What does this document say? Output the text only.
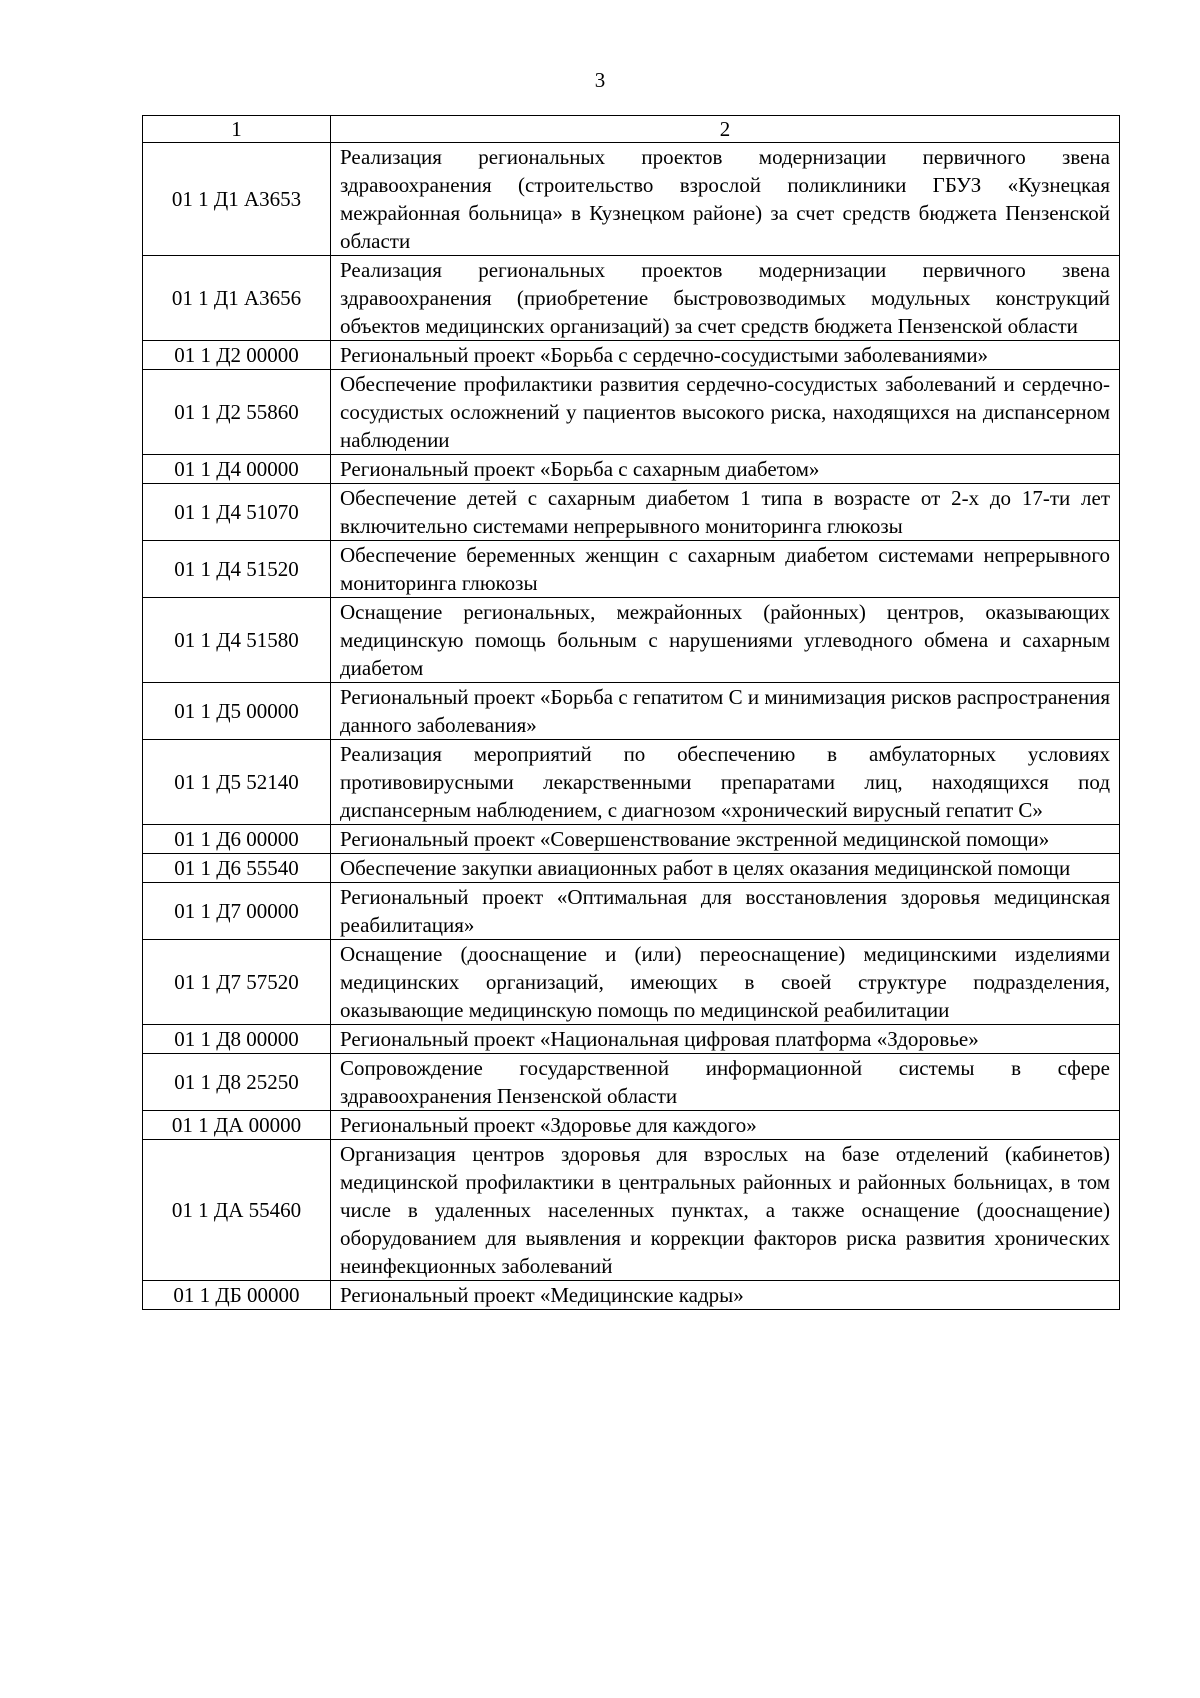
3
1	2
01 1 Д1 А3653	Реализация региональных проектов модернизации первичного звена здравоохранения (строительство взрослой поликлиники ГБУЗ «Кузнецкая межрайонная больница» в Кузнецком районе) за счет средств бюджета Пензенской области
01 1 Д1 А3656	Реализация региональных проектов модернизации первичного звена здравоохранения (приобретение быстровозводимых модульных конструкций объектов медицинских организаций) за счет средств бюджета Пензенской области
01 1 Д2 00000	Региональный проект «Борьба с сердечно-сосудистыми заболеваниями»
01 1 Д2 55860	Обеспечение профилактики развития сердечно-сосудистых заболеваний и сердечно-сосудистых осложнений у пациентов высокого риска, находящихся на диспансерном наблюдении
01 1 Д4 00000	Региональный проект «Борьба с сахарным диабетом»
01 1 Д4 51070	Обеспечение детей с сахарным диабетом 1 типа в возрасте от 2-х до 17-ти лет включительно системами непрерывного мониторинга глюкозы
01 1 Д4 51520	Обеспечение беременных женщин с сахарным диабетом системами непрерывного мониторинга глюкозы
01 1 Д4 51580	Оснащение региональных, межрайонных (районных) центров, оказывающих медицинскую помощь больным с нарушениями углеводного обмена и сахарным диабетом
01 1 Д5 00000	Региональный проект «Борьба с гепатитом С и минимизация рисков распространения данного заболевания»
01 1 Д5 52140	Реализация мероприятий по обеспечению в амбулаторных условиях противовирусными лекарственными препаратами лиц, находящихся под диспансерным наблюдением, с диагнозом «хронический вирусный гепатит С»
01 1 Д6 00000	Региональный проект «Совершенствование экстренной медицинской помощи»
01 1 Д6 55540	Обеспечение закупки авиационных работ в целях оказания медицинской помощи
01 1 Д7 00000	Региональный проект «Оптимальная для восстановления здоровья медицинская реабилитация»
01 1 Д7 57520	Оснащение (дооснащение и (или) переоснащение) медицинскими изделиями медицинских организаций, имеющих в своей структуре подразделения, оказывающие медицинскую помощь по медицинской реабилитации
01 1 Д8 00000	Региональный проект «Национальная цифровая платформа «Здоровье»
01 1 Д8 25250	Сопровождение государственной информационной системы в сфере здравоохранения Пензенской области
01 1 ДА 00000	Региональный проект «Здоровье для каждого»
01 1 ДА 55460	Организация центров здоровья для взрослых на базе отделений (кабинетов) медицинской профилактики в центральных районных и районных больницах, в том числе в удаленных населенных пунктах, а также оснащение (дооснащение) оборудованием для выявления и коррекции факторов риска развития хронических неинфекционных заболеваний
01 1 ДБ 00000	Региональный проект «Медицинские кадры»
